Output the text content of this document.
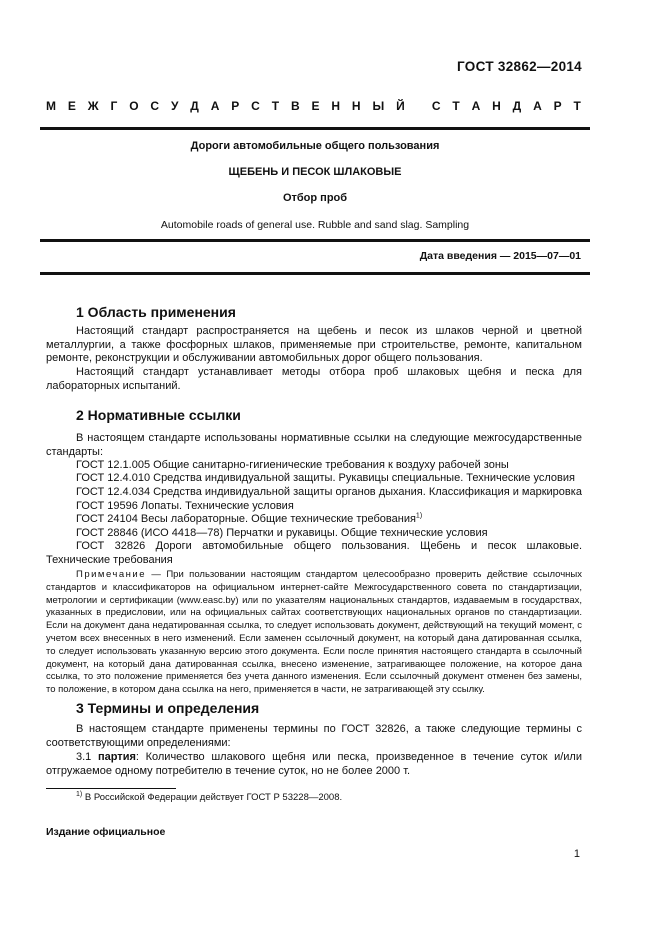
ГОСТ 32862—2014
М Е Ж Г О С У Д А Р С Т В Е Н Н Ы Й
С Т А Н Д А Р Т
Дороги автомобильные общего пользования
ЩЕБЕНЬ И ПЕСОК ШЛАКОВЫЕ
Отбор проб
Automobile roads of general use. Rubble and sand slag. Sampling
Дата введения — 2015—07—01
1 Область применения

Настоящий стандарт распространяется на щебень и песок из шлаков черной и цветной металлургии, а также фосфорных шлаков, применяемые при строительстве, ремонте, капитальном ремонте, реконструкции и обслуживании автомобильных дорог общего пользования.

Настоящий стандарт устанавливает методы отбора проб шлаковых щебня и песка для лабораторных испытаний.

2 Нормативные ссылки

В настоящем стандарте использованы нормативные ссылки на следующие межгосударственные стандарты:

ГОСТ 12.1.005 Общие санитарно-гигиенические требования к воздуху рабочей зоны
ГОСТ 12.4.010 Средства индивидуальной защиты. Рукавицы специальные. Технические условия
ГОСТ 12.4.034 Средства индивидуальной защиты органов дыхания. Классификация и маркировка
ГОСТ 19596 Лопаты. Технические условия
ГОСТ 24104 Весы лабораторные. Общие технические требования$^{1)}$
ГОСТ 28846 (ИСО 4418—78) Перчатки и рукавицы. Общие технические условия

ГОСТ 32826 Дороги автомобильные общего пользования. Щебень и песок шлаковые. Технические требования

Примечание — При пользовании настоящим стандартом целесообразно проверить действие ссылочных стандартов и классификаторов на официальном интернет-сайте Межгосударственного совета по стандартизации, метрологии и сертификации (www.easc.by) или по указателям национальных стандартов, издаваемым в государствах, указанных в предисловии, или на официальных сайтах соответствующих национальных органов по стандартизации. Если на документ дана недатированная ссылка, то следует использовать документ, действующий на текущий момент, с учетом всех внесенных в него изменений. Если заменен ссылочный документ, на который дана датированная ссылка, то следует использовать указанную версию этого документа. Если после принятия настоящего стандарта в ссылочный документ, на который дана датированная ссылка, внесено изменение, затрагивающее положение, на которое дана ссылка, то это положение применяется без учета данного изменения. Если ссылочный документ отменен без замены, то положение, в котором дана ссылка на него, применяется в части, не затрагивающей эту ссылку.

3 Термины и определения

В настоящем стандарте применены термины по ГОСТ 32826, а также следующие термины с соответствующими определениями:

3.1 партия: Количество шлакового щебня или песка, произведенное в течение суток и/или отгружаемое одному потребителю в течение суток, но не более 2000 т.

$^{1)}$ В Российской Федерации действует ГОСТ Р 53228—2008.
Издание официальное
1
